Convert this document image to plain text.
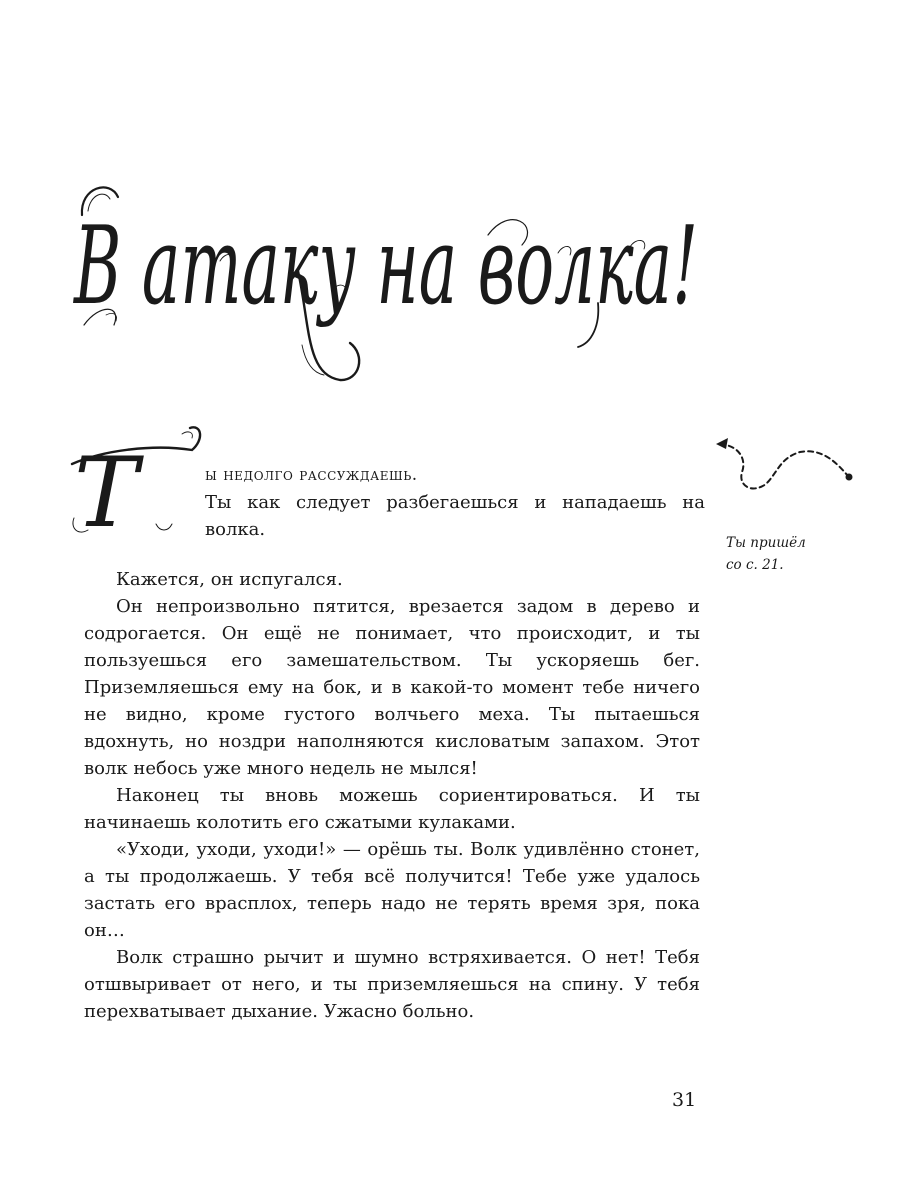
В атаку на волка!
Т	ы недолго рассуждаешь.
Ты как следует разбегаешься и нападаешь на волка.
Ты пришёл
со с. 21.

Кажется, он испугался.

Он непроизвольно пятится, врезается задом в дерево и содрогается. Он ещё не понимает, что происходит, и ты пользуешься его замешательством. Ты ускоряешь бег. Приземляешься ему на бок, и в какой-то момент тебе ничего не видно, кроме густого волчьего меха. Ты пытаешься вдохнуть, но ноздри наполняются кисловатым запахом. Этот волк небось уже много недель не мылся!

Наконец ты вновь можешь сориентироваться. И ты начинаешь колотить его сжатыми кулаками.

«Уходи, уходи, уходи!» — орёшь ты. Волк удивлённо стонет, а ты продолжаешь. У тебя всё получится! Тебе уже удалось застать его врасплох, теперь надо не терять время зря, пока он…

Волк страшно рычит и шумно встряхивается. О нет! Тебя отшвыривает от него, и ты приземляешься на спину. У тебя перехватывает дыхание. Ужасно больно.

31
